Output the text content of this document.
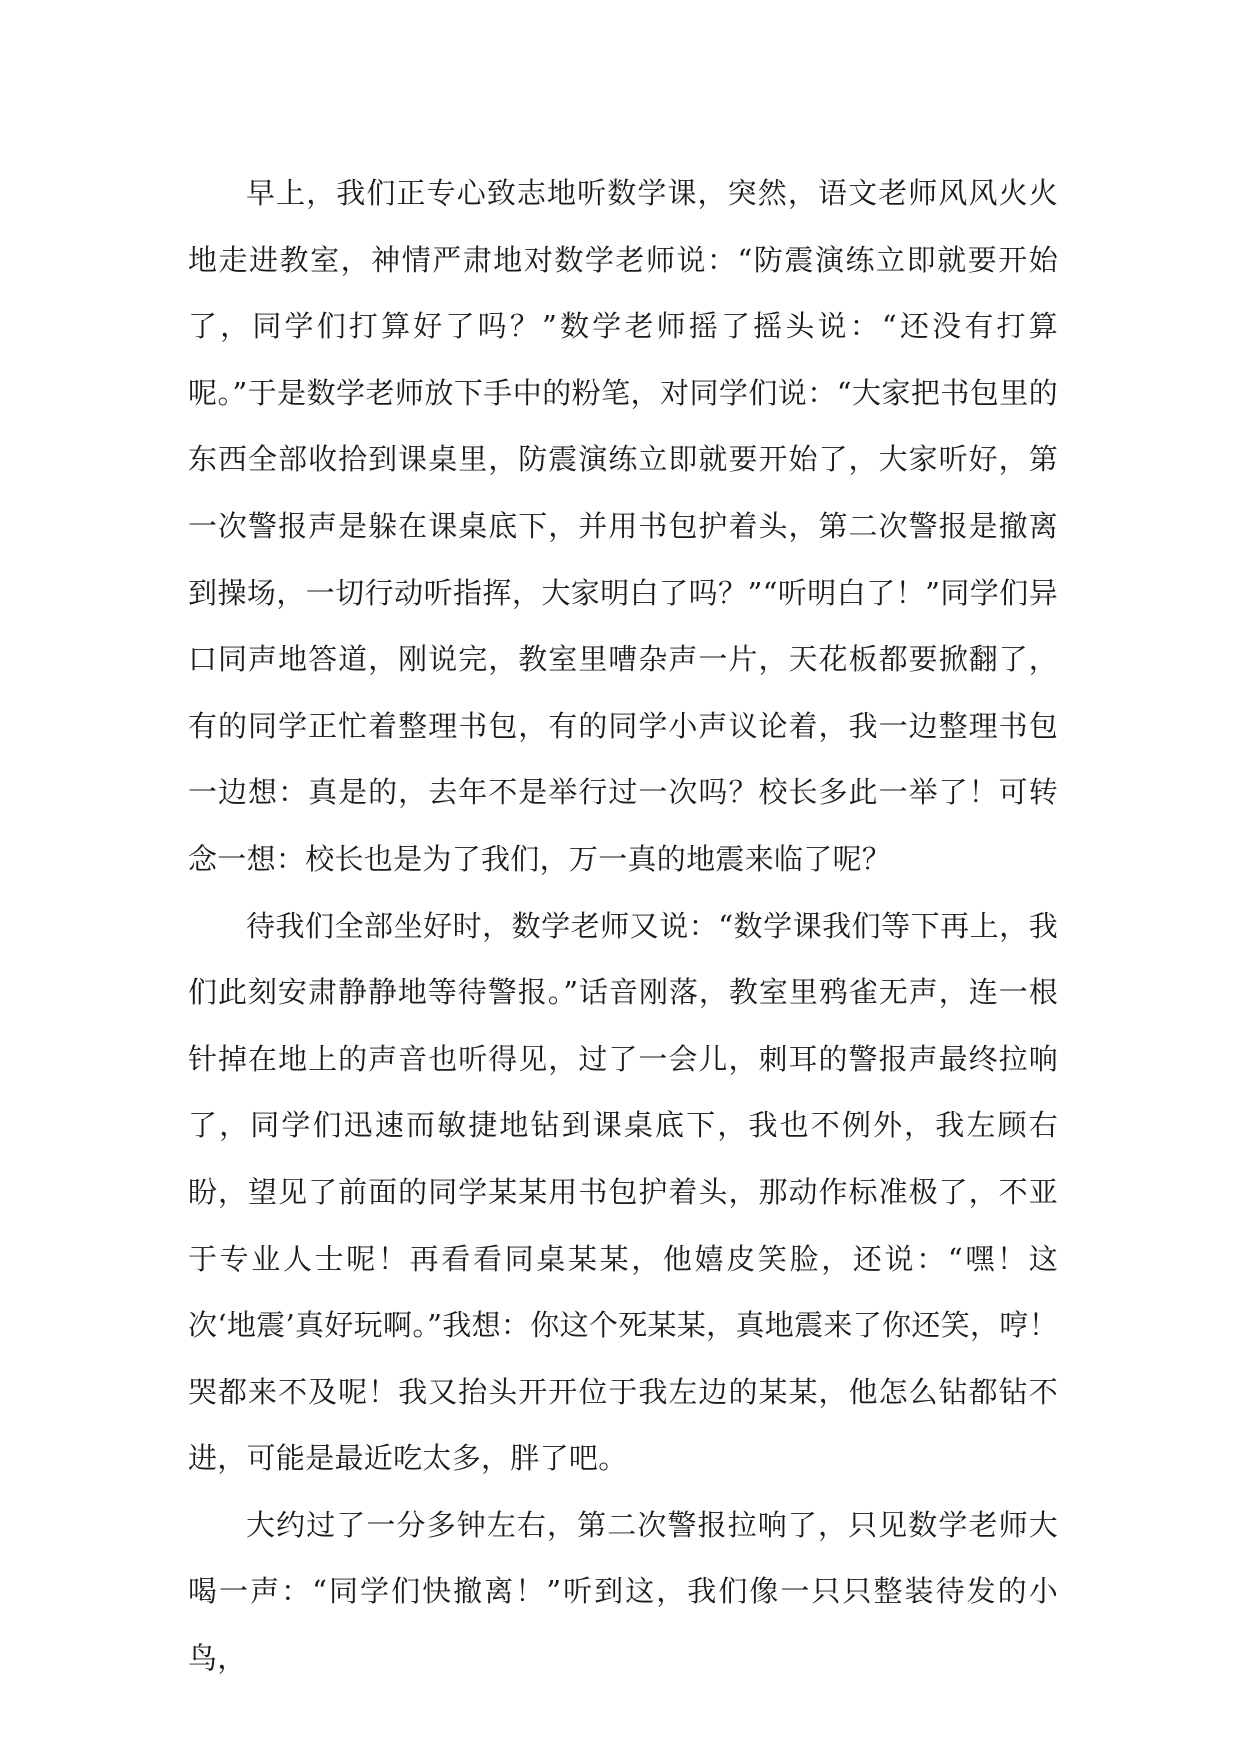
早上，我们正专心致志地听数学课，突然，语文老师风风火火地走进教室，神情严肃地对数学老师说：“防震演练立即就要开始了，同学们打算好了吗？”数学老师摇了摇头说：“还没有打算呢。”于是数学老师放下手中的粉笔，对同学们说：“大家把书包里的东西全部收拾到课桌里，防震演练立即就要开始了，大家听好，第一次警报声是躲在课桌底下，并用书包护着头，第二次警报是撤离到操场，一切行动听指挥，大家明白了吗？”“听明白了！”同学们异口同声地答道，刚说完，教室里嘈杂声一片，天花板都要掀翻了，有的同学正忙着整理书包，有的同学小声议论着，我一边整理书包一边想：真是的，去年不是举行过一次吗？校长多此一举了！可转念一想：校长也是为了我们，万一真的地震来临了呢？

待我们全部坐好时，数学老师又说：“数学课我们等下再上，我们此刻安肃静静地等待警报。”话音刚落，教室里鸦雀无声，连一根针掉在地上的声音也听得见，过了一会儿，刺耳的警报声最终拉响了，同学们迅速而敏捷地钻到课桌底下，我也不例外，我左顾右盼，望见了前面的同学某某用书包护着头，那动作标准极了，不亚于专业人士呢！再看看同桌某某，他嬉皮笑脸，还说：“嘿！这次‘地震’真好玩啊。”我想：你这个死某某，真地震来了你还笑，哼！哭都来不及呢！我又抬头开开位于我左边的某某，他怎么钻都钻不进，可能是最近吃太多，胖了吧。

大约过了一分多钟左右，第二次警报拉响了，只见数学老师大喝一声：“同学们快撤离！”听到这，我们像一只只整装待发的小鸟，
